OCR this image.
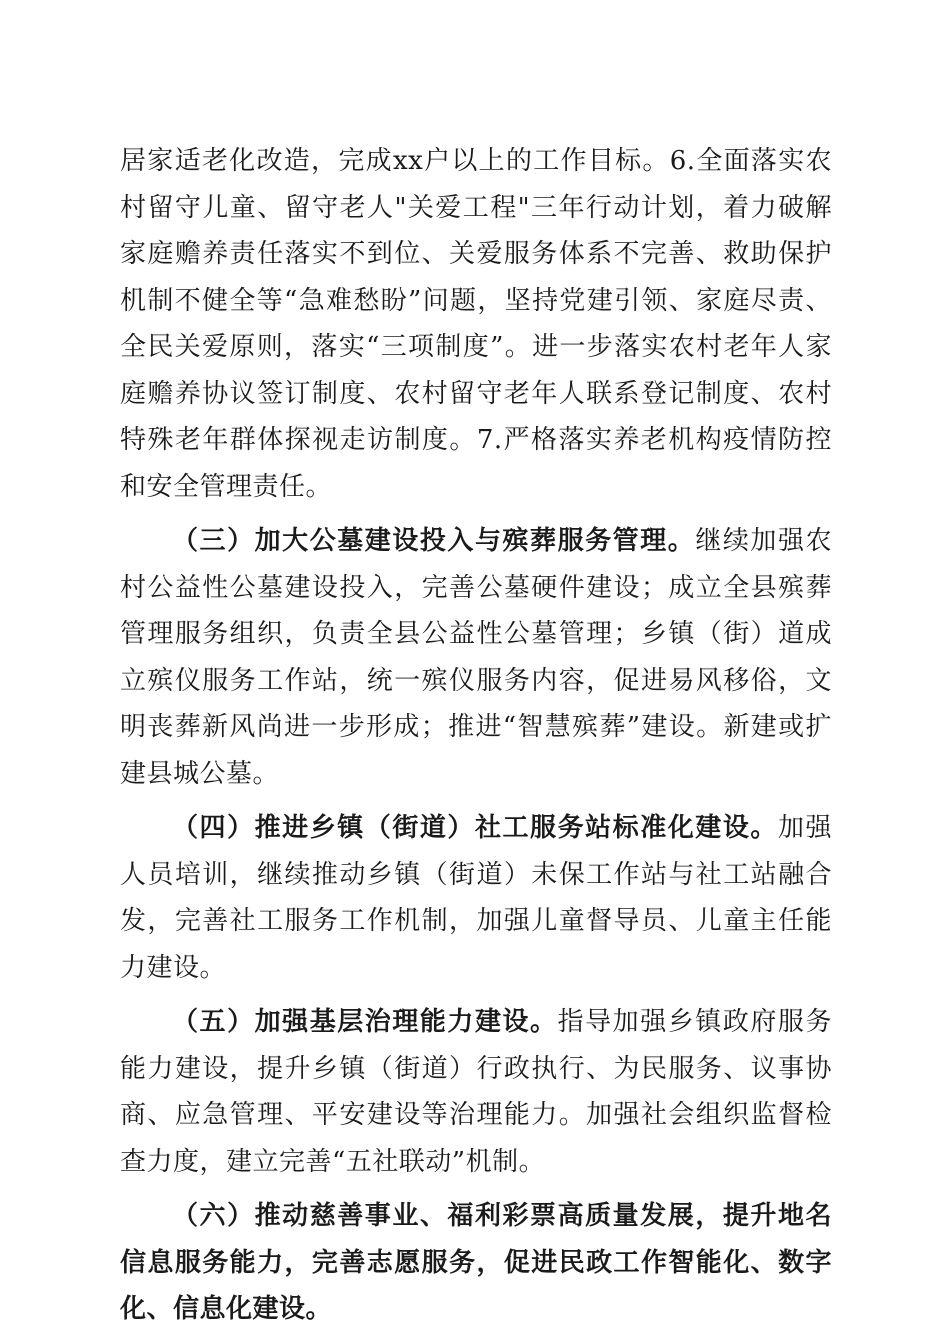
居家适老化改造，完成xx户以上的工作目标。6.全面落实农村留守儿童、留守老人"关爱工程"三年行动计划，着力破解家庭赡养责任落实不到位、关爱服务体系不完善、救助保护机制不健全等“急难愁盼”问题，坚持党建引领、家庭尽责、全民关爱原则，落实“三项制度”。进一步落实农村老年人家庭赡养协议签订制度、农村留守老年人联系登记制度、农村特殊老年群体探视走访制度。7.严格落实养老机构疫情防控和安全管理责任。

（三）加大公墓建设投入与殡葬服务管理。继续加强农村公益性公墓建设投入，完善公墓硬件建设；成立全县殡葬管理服务组织，负责全县公益性公墓管理；乡镇（街）道成立殡仪服务工作站，统一殡仪服务内容，促进易风移俗，文明丧葬新风尚进一步形成；推进“智慧殡葬”建设。新建或扩建县城公墓。

（四）推进乡镇（街道）社工服务站标准化建设。加强人员培训，继续推动乡镇（街道）未保工作站与社工站融合发，完善社工服务工作机制，加强儿童督导员、儿童主任能力建设。

（五）加强基层治理能力建设。指导加强乡镇政府服务能力建设，提升乡镇（街道）行政执行、为民服务、议事协商、应急管理、平安建设等治理能力。加强社会组织监督检查力度，建立完善“五社联动”机制。

（六）推动慈善事业、福利彩票高质量发展，提升地名信息服务能力，完善志愿服务，促进民政工作智能化、数字化、信息化建设。
